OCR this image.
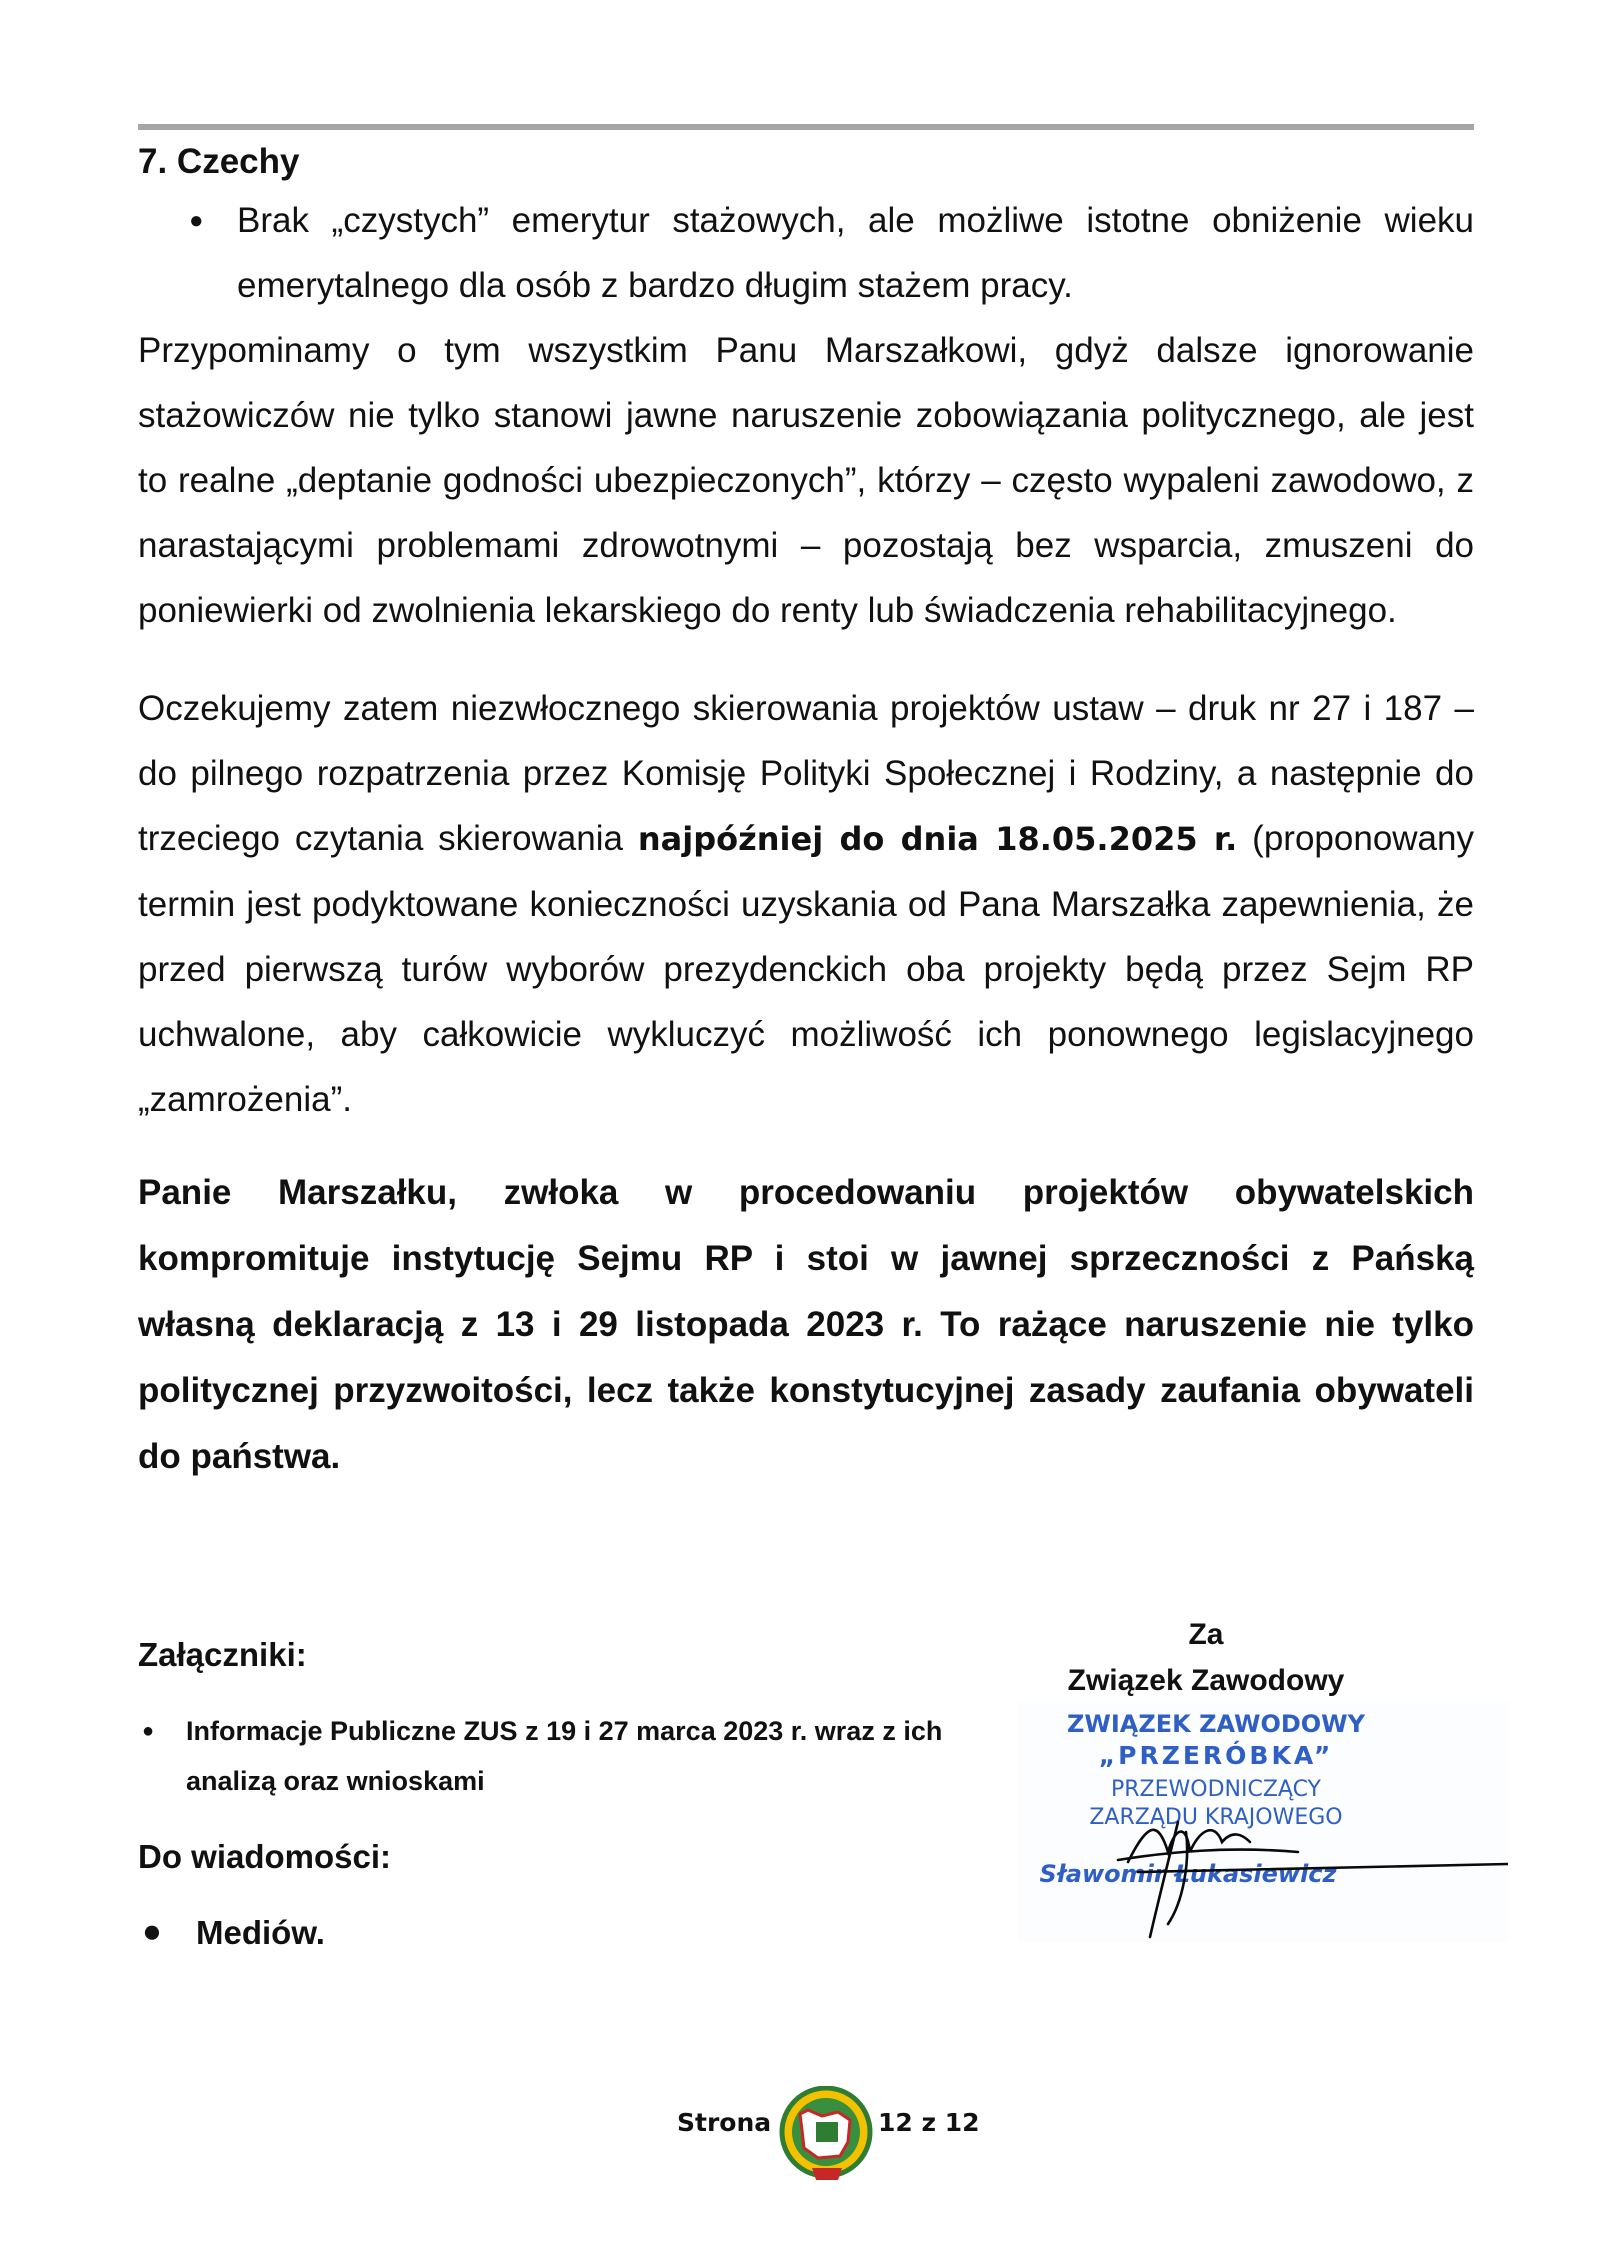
7. Czechy

● Brak „czystych” emerytur stażowych, ale możliwe istotne obniżenie wieku emerytalnego dla osób z bardzo długim stażem pracy.

Przypominamy o tym wszystkim Panu Marszałkowi, gdyż dalsze ignorowanie stażowiczów nie tylko stanowi jawne naruszenie zobowiązania politycznego, ale jest to realne „deptanie godności ubezpieczonych”, którzy – często wypaleni zawodowo, z narastającymi problemami zdrowotnymi – pozostają bez wsparcia, zmuszeni do poniewierki od zwolnienia lekarskiego do renty lub świadczenia rehabilitacyjnego.

Oczekujemy zatem niezwłocznego skierowania projektów ustaw – druk nr 27 i 187 – do pilnego rozpatrzenia przez Komisję Polityki Społecznej i Rodziny, a następnie do trzeciego czytania skierowania najpóźniej do dnia 18.05.2025 r. (proponowany termin jest podyktowane konieczności uzyskania od Pana Marszałka zapewnienia, że przed pierwszą turów wyborów prezydenckich oba projekty będą przez Sejm RP uchwalone, aby całkowicie wykluczyć możliwość ich ponownego legislacyjnego „zamrożenia”.

Panie Marszałku, zwłoka w procedowaniu projektów obywatelskich kompromituje instytucję Sejmu RP i stoi w jawnej sprzeczności z Pańską własną deklaracją z 13 i 29 listopada 2023 r. To rażące naruszenie nie tylko politycznej przyzwoitości, lecz także konstytucyjnej zasady zaufania obywateli do państwa.

Załączniki:

● Informacje Publiczne ZUS z 19 i 27 marca 2023 r. wraz z ich analizą oraz wnioskami

Do wiadomości:

● Mediów.

Za
Związek Zawodowy
ZWIĄZEK ZAWODOWY
„PRZERÓBKA”
PRZEWODNICZĄCY
ZARZĄDU KRAJOWEGO
Sławomir Łukasiewicz
Strona	12 z 12
